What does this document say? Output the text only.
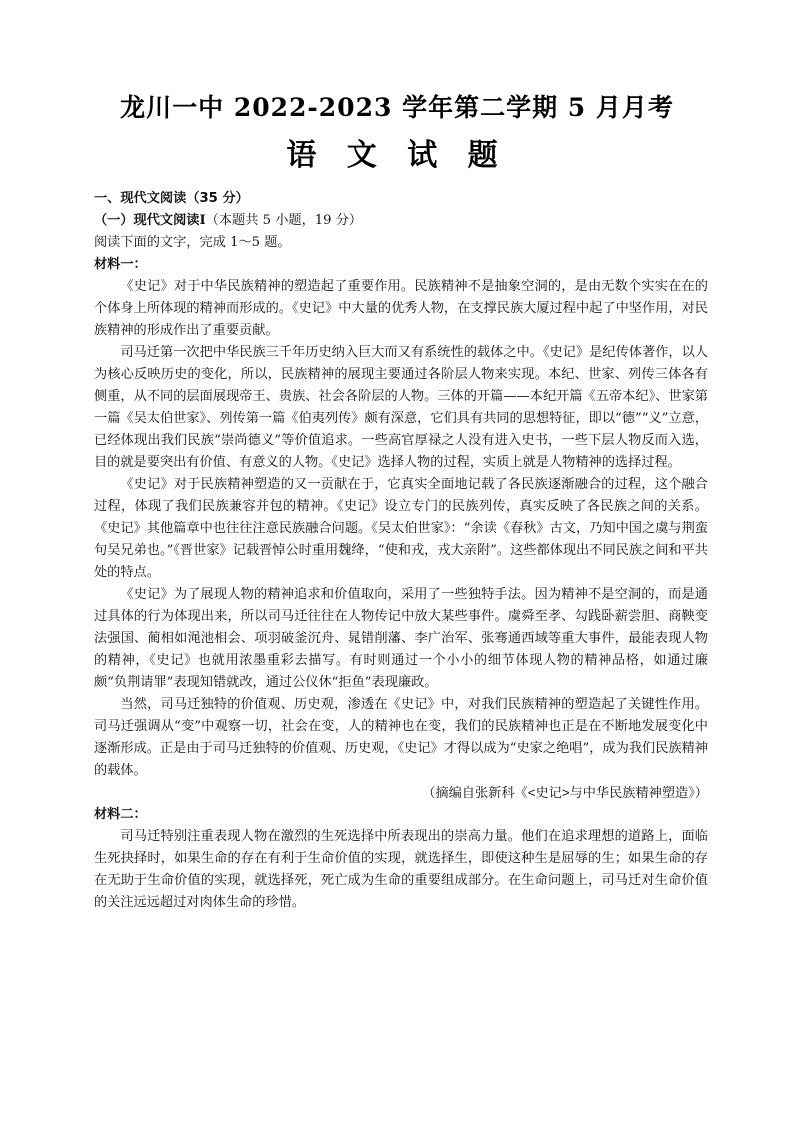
龙川一中 2022-2023 学年第二学期 5 月月考
语 文 试 题

一、现代文阅读（35 分）

（一）现代文阅读Ⅰ（本题共 5 小题，19 分）

阅读下面的文字，完成 1～5 题。

材料一：

《史记》对于中华民族精神的塑造起了重要作用。民族精神不是抽象空洞的，是由无数个实实在在的个体身上所体现的精神而形成的。《史记》中大量的优秀人物，在支撑民族大厦过程中起了中坚作用，对民族精神的形成作出了重要贡献。

司马迁第一次把中华民族三千年历史纳入巨大而又有系统性的载体之中。《史记》是纪传体著作，以人为核心反映历史的变化，所以，民族精神的展现主要通过各阶层人物来实现。本纪、世家、列传三体各有侧重，从不同的层面展现帝王、贵族、社会各阶层的人物。三体的开篇——本纪开篇《五帝本纪》、世家第一篇《吴太伯世家》、列传第一篇《伯夷列传》颇有深意，它们具有共同的思想特征，即以“德”“义”立意，已经体现出我们民族“崇尚德义”等价值追求。一些高官厚禄之人没有进入史书，一些下层人物反而入选，目的就是要突出有价值、有意义的人物。《史记》选择人物的过程，实质上就是人物精神的选择过程。

《史记》对于民族精神塑造的又一贡献在于，它真实全面地记载了各民族逐渐融合的过程，这个融合过程，体现了我们民族兼容并包的精神。《史记》设立专门的民族列传，真实反映了各民族之间的关系。《史记》其他篇章中也往往注意民族融合问题。《吴太伯世家》：“余读《春秋》古文，乃知中国之虞与荆蛮句吴兄弟也。”《晋世家》记载晋悼公时重用魏绛，“使和戎，戎大亲附”。这些都体现出不同民族之间和平共处的特点。

《史记》为了展现人物的精神追求和价值取向，采用了一些独特手法。因为精神不是空洞的，而是通过具体的行为体现出来，所以司马迁往往在人物传记中放大某些事件。虞舜至孝、勾践卧薪尝胆、商鞅变法强国、蔺相如渑池相会、项羽破釜沉舟、晁错削藩、李广治军、张骞通西域等重大事件，最能表现人物的精神，《史记》也就用浓墨重彩去描写。有时则通过一个小小的细节体现人物的精神品格，如通过廉颇“负荆请罪”表现知错就改，通过公仪休“拒鱼”表现廉政。

当然，司马迁独特的价值观、历史观，渗透在《史记》中，对我们民族精神的塑造起了关键性作用。司马迁强调从“变”中观察一切，社会在变，人的精神也在变，我们的民族精神也正是在不断地发展变化中逐渐形成。正是由于司马迁独特的价值观、历史观，《史记》才得以成为“史家之绝唱”，成为我们民族精神的载体。

（摘编自张新科《<史记>与中华民族精神塑造》）

材料二：

司马迁特别注重表现人物在激烈的生死选择中所表现出的崇高力量。他们在追求理想的道路上，面临生死抉择时，如果生命的存在有利于生命价值的实现，就选择生，即使这种生是屈辱的生；如果生命的存在无助于生命价值的实现，就选择死，死亡成为生命的重要组成部分。在生命问题上，司马迁对生命价值的关注远远超过对肉体生命的珍惜。
